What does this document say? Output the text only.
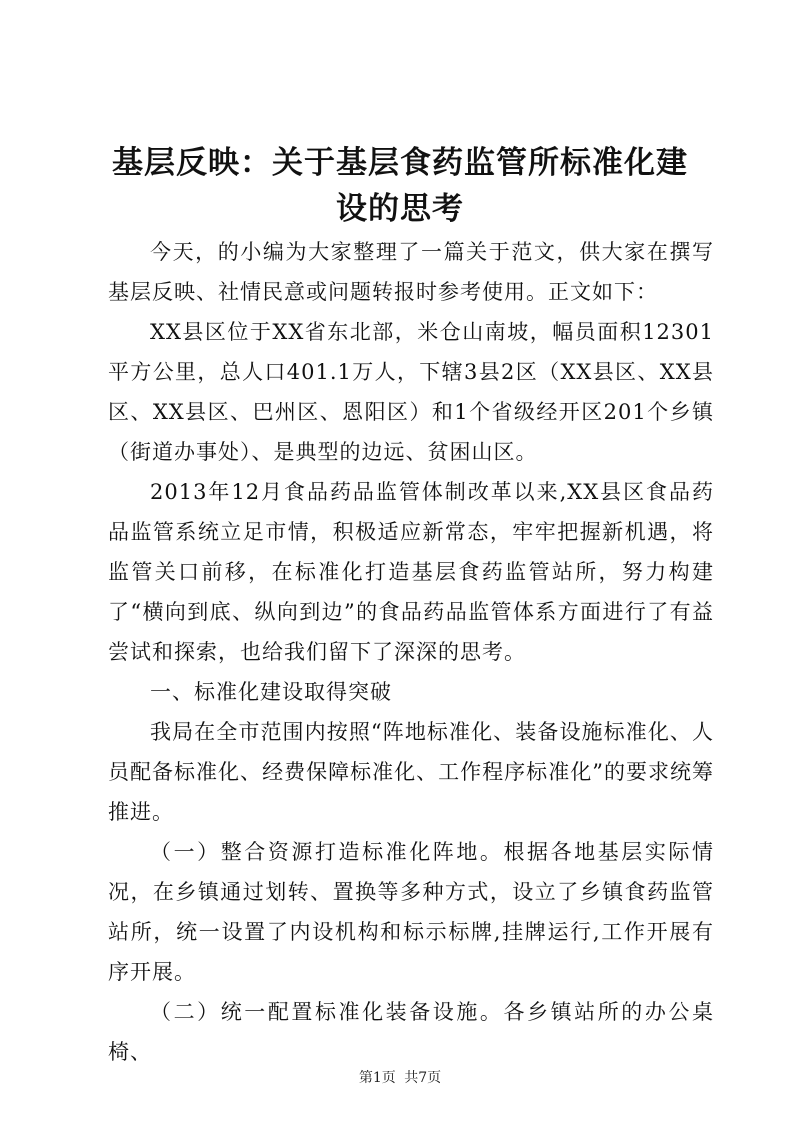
基层反映：关于基层食药监管所标准化建设的思考

今天，的小编为大家整理了一篇关于范文，供大家在撰写基层反映、社情民意或问题转报时参考使用。正文如下：

XX县区位于XX省东北部，米仓山南坡，幅员面积12301平方公里，总人口401.1万人，下辖3县2区（XX县区、XX县区、XX县区、巴州区、恩阳区）和1个省级经开区201个乡镇（街道办事处）、是典型的边远、贫困山区。

2013年12月食品药品监管体制改革以来,XX县区食品药品监管系统立足市情，积极适应新常态，牢牢把握新机遇，将监管关口前移，在标准化打造基层食药监管站所，努力构建了“横向到底、纵向到边”的食品药品监管体系方面进行了有益尝试和探索，也给我们留下了深深的思考。

一、标准化建设取得突破

我局在全市范围内按照“阵地标准化、装备设施标准化、人员配备标准化、经费保障标准化、工作程序标准化”的要求统筹推进。

（一）整合资源打造标准化阵地。根据各地基层实际情况，在乡镇通过划转、置换等多种方式，设立了乡镇食药监管站所，统一设置了内设机构和标示标牌,挂牌运行,工作开展有序开展。

（二）统一配置标准化装备设施。各乡镇站所的办公桌椅、

第1页 共7页
